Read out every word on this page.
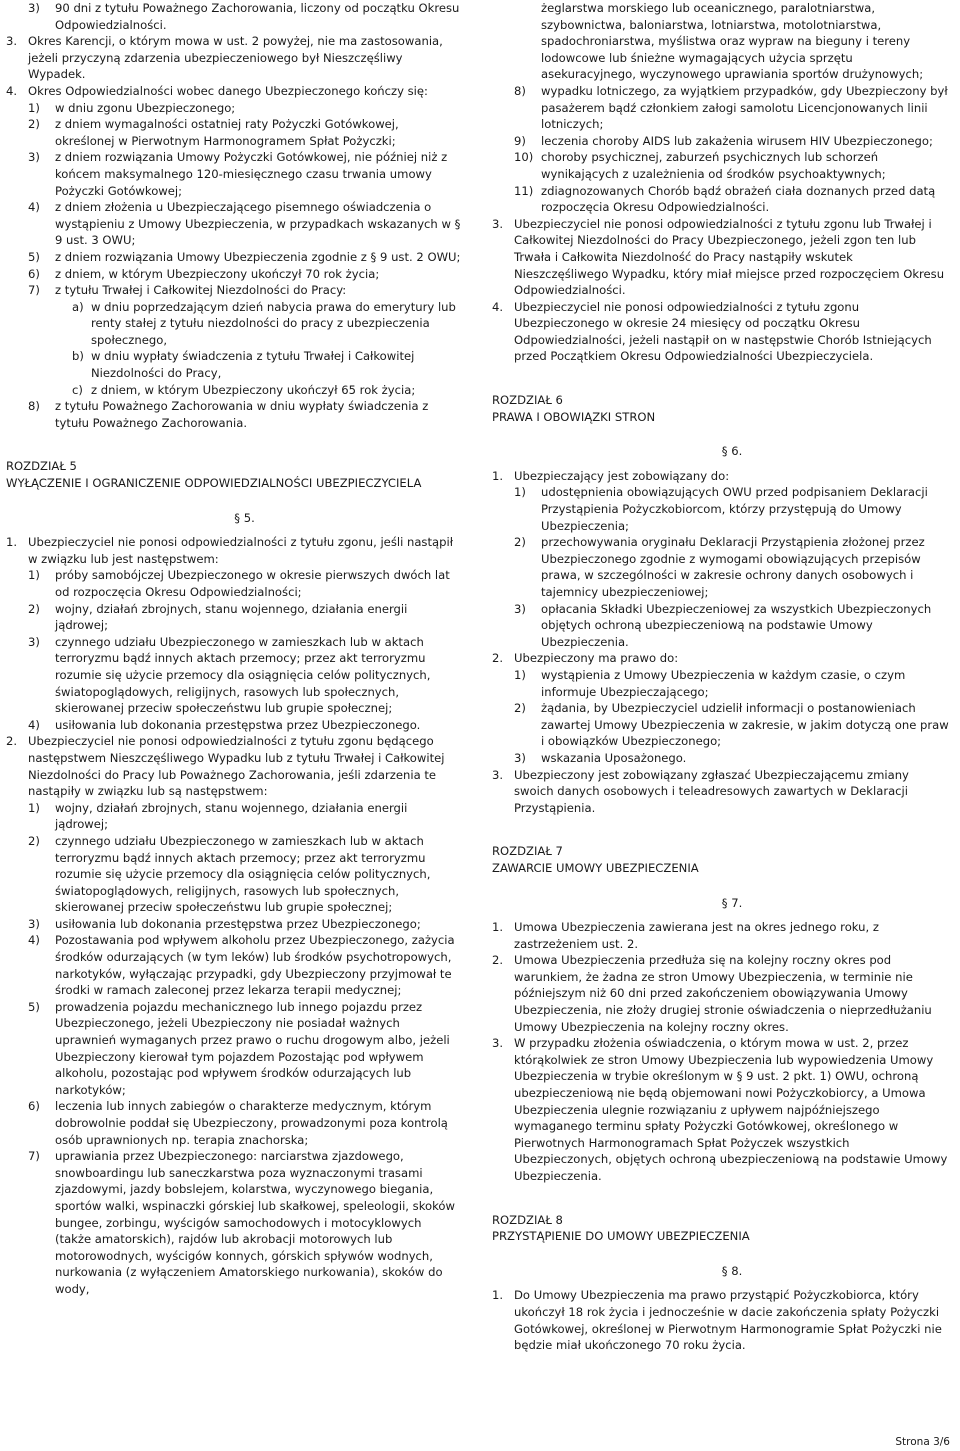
3) 90 dni z tytułu Poważnego Zachorowania, liczony od początku Okresu Odpowiedzialności.

3. Okres Karencji, o którym mowa w ust. 2 powyżej, nie ma zastosowania, jeżeli przyczyną zdarzenia ubezpieczeniowego był Nieszczęśliwy Wypadek.

4. Okres Odpowiedzialności wobec danego Ubezpieczonego kończy się:

1) w dniu zgonu Ubezpieczonego;

2) z dniem wymagalności ostatniej raty Pożyczki Gotówkowej, określonej w Pierwotnym Harmonogramem Spłat Pożyczki;

3) z dniem rozwiązania Umowy Pożyczki Gotówkowej, nie później niż z końcem maksymalnego 120-miesięcznego czasu trwania umowy Pożyczki Gotówkowej;

4) z dniem złożenia u Ubezpieczającego pisemnego oświadczenia o wystąpieniu z Umowy Ubezpieczenia, w przypadkach wskazanych w § 9 ust. 3 OWU;

5) z dniem rozwiązania Umowy Ubezpieczenia zgodnie z § 9 ust. 2 OWU;

6) z dniem, w którym Ubezpieczony ukończył 70 rok życia;

7) z tytułu Trwałej i Całkowitej Niezdolności do Pracy:

a) w dniu poprzedzającym dzień nabycia prawa do emerytury lub renty stałej z tytułu niezdolności do pracy z ubezpieczenia społecznego,

b) w dniu wypłaty świadczenia z tytułu Trwałej i Całkowitej Niezdolności do Pracy,

c) z dniem, w którym Ubezpieczony ukończył 65 rok życia;

8) z tytułu Poważnego Zachorowania w dniu wypłaty świadczenia z tytułu Poważnego Zachorowania.

ROZDZIAŁ 5

WYŁĄCZENIE I OGRANICZENIE ODPOWIEDZIALNOŚCI UBEZPIECZYCIELA

§ 5.

1. Ubezpieczyciel nie ponosi odpowiedzialności z tytułu zgonu, jeśli nastąpił w związku lub jest następstwem:

1) próby samobójczej Ubezpieczonego w okresie pierwszych dwóch lat od rozpoczęcia Okresu Odpowiedzialności;

2) wojny, działań zbrojnych, stanu wojennego, działania energii jądrowej;

3) czynnego udziału Ubezpieczonego w zamieszkach lub w aktach terroryzmu bądź innych aktach przemocy; przez akt terroryzmu rozumie się użycie przemocy dla osiągnięcia celów politycznych, światopoglądowych, religijnych, rasowych lub społecznych, skierowanej przeciw społeczeństwu lub grupie społecznej;

4) usiłowania lub dokonania przestępstwa przez Ubezpieczonego.

2. Ubezpieczyciel nie ponosi odpowiedzialności z tytułu zgonu będącego następstwem Nieszczęśliwego Wypadku lub z tytułu Trwałej i Całkowitej Niezdolności do Pracy lub Poważnego Zachorowania, jeśli zdarzenia te nastąpiły w związku lub są następstwem:

1) wojny, działań zbrojnych, stanu wojennego, działania energii jądrowej;

2) czynnego udziału Ubezpieczonego w zamieszkach lub w aktach terroryzmu bądź innych aktach przemocy; przez akt terroryzmu rozumie się użycie przemocy dla osiągnięcia celów politycznych, światopoglądowych, religijnych, rasowych lub społecznych, skierowanej przeciw społeczeństwu lub grupie społecznej;

3) usiłowania lub dokonania przestępstwa przez Ubezpieczonego;

4) Pozostawania pod wpływem alkoholu przez Ubezpieczonego, zażycia środków odurzających (w tym leków) lub środków psychotropowych, narkotyków, wyłączając przypadki, gdy Ubezpieczony przyjmował te środki w ramach zaleconej przez lekarza terapii medycznej;

5) prowadzenia pojazdu mechanicznego lub innego pojazdu przez Ubezpieczonego, jeżeli Ubezpieczony nie posiadał ważnych uprawnień wymaganych przez prawo o ruchu drogowym albo, jeżeli Ubezpieczony kierował tym pojazdem Pozostając pod wpływem alkoholu, pozostając pod wpływem środków odurzających lub narkotyków;

6) leczenia lub innych zabiegów o charakterze medycznym, którym dobrowolnie poddał się Ubezpieczony, prowadzonymi poza kontrolą osób uprawnionych np. terapia znachorska;

7) uprawiania przez Ubezpieczonego: narciarstwa zjazdowego, snowboardingu lub saneczkarstwa poza wyznaczonymi trasami zjazdowymi, jazdy bobslejem, kolarstwa, wyczynowego biegania, sportów walki, wspinaczki górskiej lub skałkowej, speleologii, skoków bungee, zorbingu, wyścigów samochodowych i motocyklowych (także amatorskich), rajdów lub akrobacji motorowych lub motorowodnych, wyścigów konnych, górskich spływów wodnych, nurkowania (z wyłączeniem Amatorskiego nurkowania), skoków do wody,

żeglarstwa morskiego lub oceanicznego, paralotniarstwa, szybownictwa, baloniarstwa, lotniarstwa, motolotniarstwa, spadochroniarstwa, myślistwa oraz wypraw na bieguny i tereny lodowcowe lub śnieżne wymagających użycia sprzętu asekuracyjnego, wyczynowego uprawiania sportów drużynowych;

8) wypadku lotniczego, za wyjątkiem przypadków, gdy Ubezpieczony był pasażerem bądź członkiem załogi samolotu Licencjonowanych linii lotniczych;

9) leczenia choroby AIDS lub zakażenia wirusem HIV Ubezpieczonego;

10) choroby psychicznej, zaburzeń psychicznych lub schorzeń wynikających z uzależnienia od środków psychoaktywnych;

11) zdiagnozowanych Chorób bądź obrażeń ciała doznanych przed datą rozpoczęcia Okresu Odpowiedzialności.

3. Ubezpieczyciel nie ponosi odpowiedzialności z tytułu zgonu lub Trwałej i Całkowitej Niezdolności do Pracy Ubezpieczonego, jeżeli zgon ten lub Trwała i Całkowita Niezdolność do Pracy nastąpiły wskutek Nieszczęśliwego Wypadku, który miał miejsce przed rozpoczęciem Okresu Odpowiedzialności.

4. Ubezpieczyciel nie ponosi odpowiedzialności z tytułu zgonu Ubezpieczonego w okresie 24 miesięcy od początku Okresu Odpowiedzialności, jeżeli nastąpił on w następstwie Chorób Istniejących przed Początkiem Okresu Odpowiedzialności Ubezpieczyciela.

ROZDZIAŁ 6

PRAWA I OBOWIĄZKI STRON

§ 6.

1. Ubezpieczający jest zobowiązany do:

1) udostępnienia obowiązujących OWU przed podpisaniem Deklaracji Przystąpienia Pożyczkobiorcom, którzy przystępują do Umowy Ubezpieczenia;

2) przechowywania oryginału Deklaracji Przystąpienia złożonej przez Ubezpieczonego zgodnie z wymogami obowiązujących przepisów prawa, w szczególności w zakresie ochrony danych osobowych i tajemnicy ubezpieczeniowej;

3) opłacania Składki Ubezpieczeniowej za wszystkich Ubezpieczonych objętych ochroną ubezpieczeniową na podstawie Umowy Ubezpieczenia.

2. Ubezpieczony ma prawo do:

1) wystąpienia z Umowy Ubezpieczenia w każdym czasie, o czym informuje Ubezpieczającego;

2) żądania, by Ubezpieczyciel udzielił informacji o postanowieniach zawartej Umowy Ubezpieczenia w zakresie, w jakim dotyczą one praw i obowiązków Ubezpieczonego;

3) wskazania Uposażonego.

3. Ubezpieczony jest zobowiązany zgłaszać Ubezpieczającemu zmiany swoich danych osobowych i teleadresowych zawartych w Deklaracji Przystąpienia.

ROZDZIAŁ 7

ZAWARCIE UMOWY UBEZPIECZENIA

§ 7.

1. Umowa Ubezpieczenia zawierana jest na okres jednego roku, z zastrzeżeniem ust. 2.

2. Umowa Ubezpieczenia przedłuża się na kolejny roczny okres pod warunkiem, że żadna ze stron Umowy Ubezpieczenia, w terminie nie późniejszym niż 60 dni przed zakończeniem obowiązywania Umowy Ubezpieczenia, nie złoży drugiej stronie oświadczenia o nieprzedłużaniu Umowy Ubezpieczenia na kolejny roczny okres.

3. W przypadku złożenia oświadczenia, o którym mowa w ust. 2, przez którąkolwiek ze stron Umowy Ubezpieczenia lub wypowiedzenia Umowy Ubezpieczenia w trybie określonym w § 9 ust. 2 pkt. 1) OWU, ochroną ubezpieczeniową nie będą objemowani nowi Pożyczkobiorcy, a Umowa Ubezpieczenia ulegnie rozwiązaniu z upływem najpóźniejszego wymaganego terminu spłaty Pożyczki Gotówkowej, określonego w Pierwotnych Harmonogramach Spłat Pożyczek wszystkich Ubezpieczonych, objętych ochroną ubezpieczeniową na podstawie Umowy Ubezpieczenia.

ROZDZIAŁ 8

PRZYSTĄPIENIE DO UMOWY UBEZPIECZENIA

§ 8.

1. Do Umowy Ubezpieczenia ma prawo przystąpić Pożyczkobiorca, który ukończył 18 rok życia i jednocześnie w dacie zakończenia spłaty Pożyczki Gotówkowej, określonej w Pierwotnym Harmonogramie Spłat Pożyczki nie będzie miał ukończonego 70 roku życia.

Strona 3/6
